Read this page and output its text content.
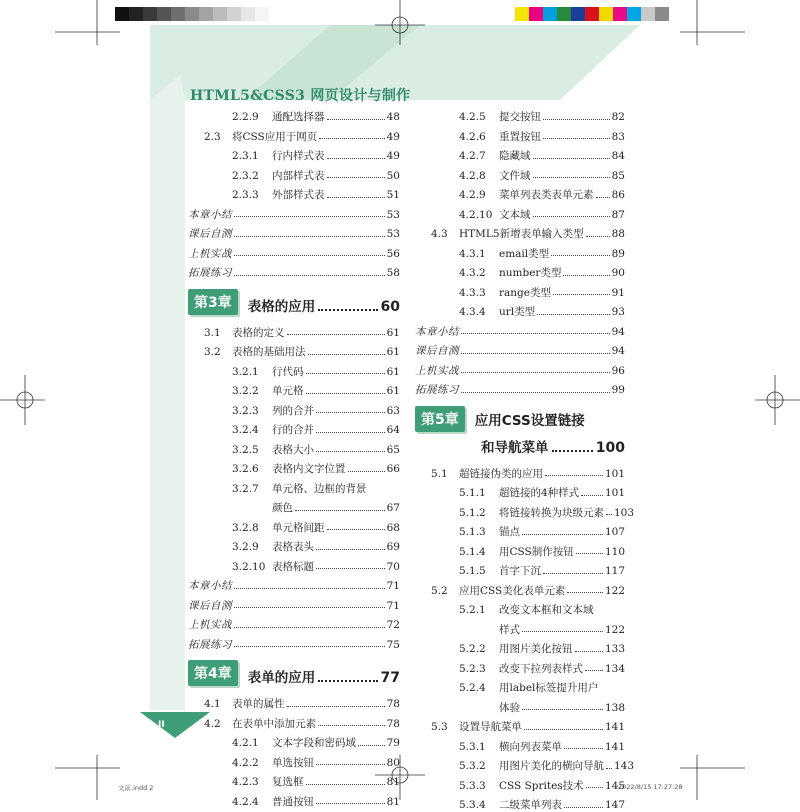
HTML5&CSS3 网页设计与制作
2.2.9	通配选择器	48
2.3	将CSS应用于网页	49
2.3.1	行内样式表	49
2.3.2	内部样式表	50
2.3.3	外部样式表	51
本章小结	53
课后自测	53
上机实战	56
拓展练习	58
第3章	表格的应用	60
3.1	表格的定义	61
3.2	表格的基础用法	61
3.2.1	行代码	61
3.2.2	单元格	61
3.2.3	列的合并	63
3.2.4	行的合并	64
3.2.5	表格大小	65
3.2.6	表格内文字位置	66
3.2.7	单元格、边框的背景
颜色	67
3.2.8	单元格间距	68
3.2.9	表格表头	69
3.2.10 表格标题	70
本章小结	71
课后自测	71
上机实战	72
拓展练习	75
第4章	表单的应用	77
4.1	表单的属性	78
4.2	在表单中添加元素	78
4.2.1	文本字段和密码域	79
4.2.2	单选按钮	80
4.2.3	复选框	81
4.2.4	普通按钮	81
4.2.5	提交按钮	82
4.2.6	重置按钮	83
4.2.7	隐藏域	84
4.2.8	文件域	85
4.2.9	菜单列表类表单元素 86
4.2.10 文本域	87
4.3	HTML5新增表单输入类型	88
4.3.1	email类型	89
4.3.2	number类型	90
4.3.3	range类型	91
4.3.4	url类型	93
本章小结	94
课后自测	94
上机实战	96
拓展练习	99
第5章	应用CSS设置链接
和导航菜单	100
5.1	超链接伪类的应用	101
5.1.1	超链接的4种样式 101
5.1.2	将链接转换为块级元素 103
5.1.3	锚点	107
5.1.4	用CSS制作按钮	110
5.1.5	首字下沉	117
5.2	应用CSS美化表单元素	122
5.2.1	改变文本框和文本域
样式	122
5.2.2	用图片美化按钮	133
5.2.3	改变下拉列表样式 134
5.2.4	用label标签提升用户
体验	138
5.3	设置导航菜单	141
5.3.1	横向列表菜单	141
5.3.2	用图片美化的横向导航 143
5.3.3	CSS Sprites技术 145
5.3.4	二级菜单列表	147
II
文前.indd 2	2022/8/15 17:27:28
